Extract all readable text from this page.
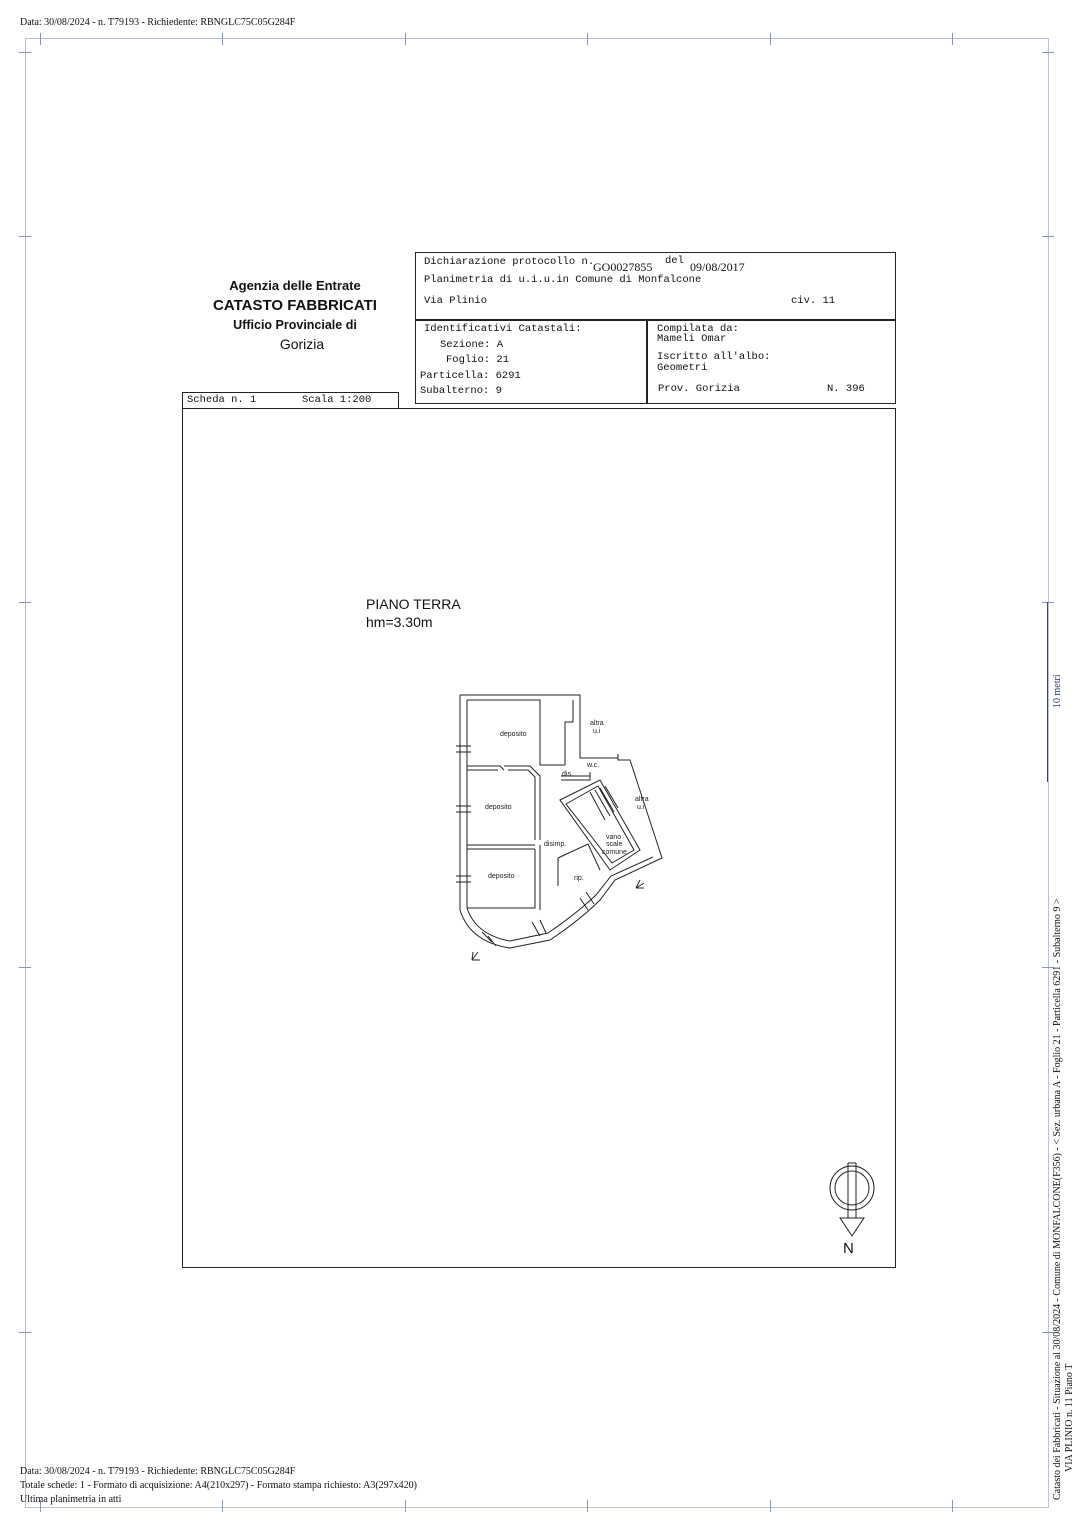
Data: 30/08/2024 - n. T79193 - Richiedente: RBNGLC75C05G284F
Agenzia delle Entrate
CATASTO FABBRICATI
Ufficio Provinciale di
Gorizia
Dichiarazione protocollo n.
GO0027855 del 09/08/2017
Planimetria di u.i.u.in Comune di Monfalcone
Via Plinio	civ. 11
Identificativi Catastali:
Sezione: A
Foglio: 21
Particella: 6291
Subalterno: 9
Compilata da:
Mameli Omar
Iscritto all'albo:
Geometri
Prov. Gorizia	N. 396
Scheda n. 1	Scala 1:200
PIANO TERRA
hm=3.30m
deposito
altra
u.i
w.c.
dis.
deposito
altra
u.i
disimp.
vano
scale
comune
deposito	rip.
N
10 metri
Catasto dei Fabbricati - Situazione al 30/08/2024 - Comune di MONFALCONE(F356) - < Sez. urbana A - Foglio 21 - Particella 6291 - Subalterno 9 > VIA PLINIO n. 11 Piano T
Data: 30/08/2024 - n. T79193 - Richiedente: RBNGLC75C05G284F
Totale schede: 1 - Formato di acquisizione: A4(210x297) - Formato stampa richiesto: A3(297x420)
Ultima planimetria in atti
